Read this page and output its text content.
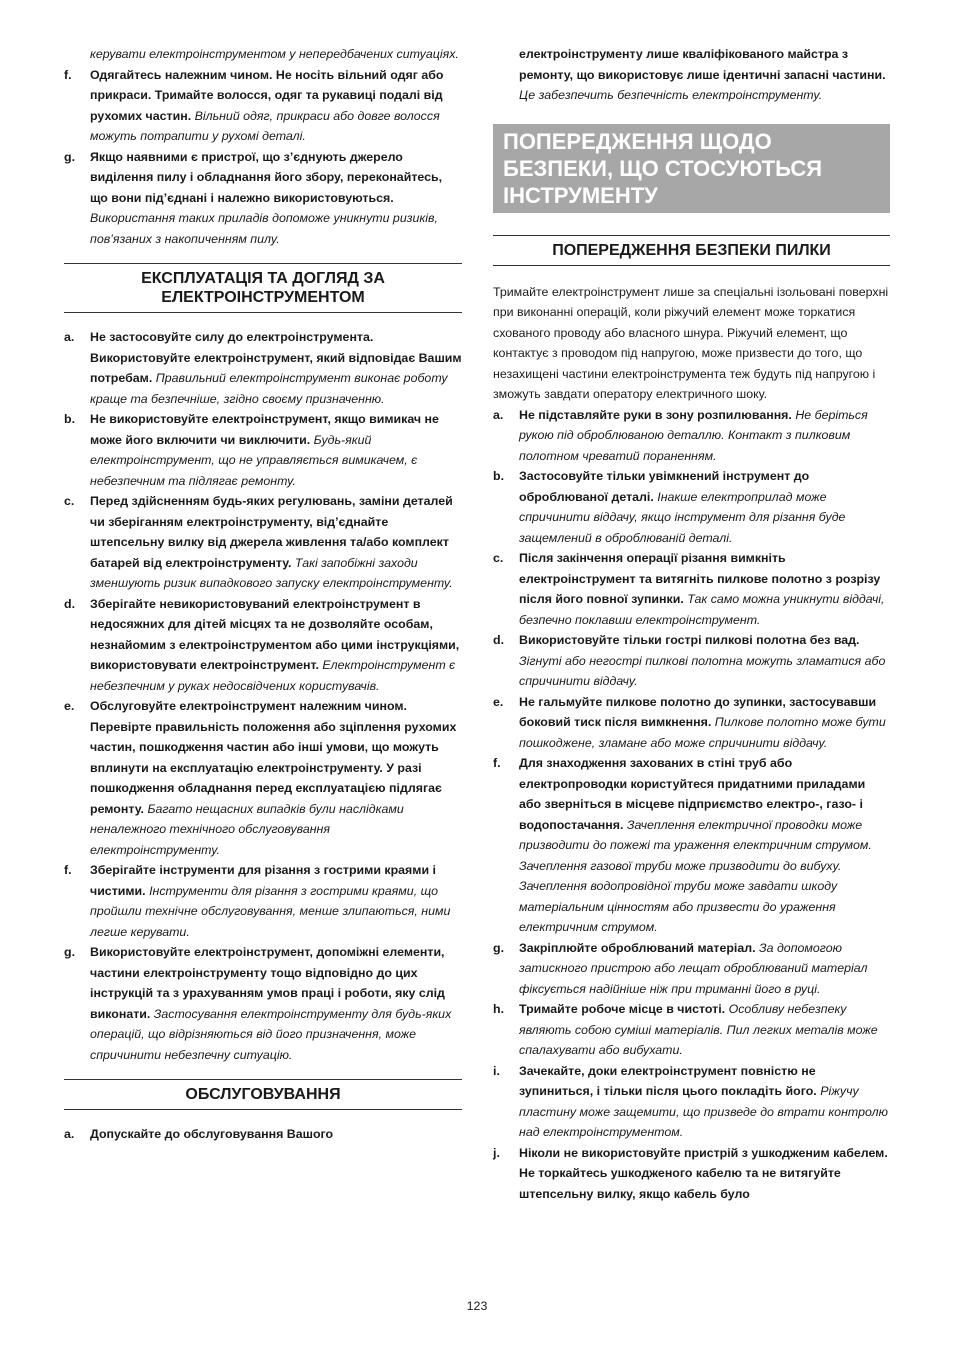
керувати електроінструментом у непередбачених ситуаціях.
f.	Одягайтесь належним чином. Не носіть вільний одяг або прикраси. Тримайте волосся, одяг та рукавиці подалі від рухомих частин. Вільний одяг, прикраси або довге волосся можуть потрапити у рухомі деталі.
g.	Якщо наявними є пристрої, що з’єднують джерело виділення пилу і обладнання його збору, переконайтесь, що вони під’єднані і належно використовуються. Використання таких приладів допоможе уникнути ризиків, пов’язаних з накопиченням пилу.
ЕКСПЛУАТАЦІЯ ТА ДОГЛЯД ЗА ЕЛЕКТРОІНСТРУМЕНТОМ
a.	Не застосовуйте силу до електроінструмента. Використовуйте електроінструмент, який відповідає Вашим потребам. Правильний електроінструмент виконає роботу краще та безпечніше, згідно своєму призначенню.
b.	Не використовуйте електроінструмент, якщо вимикач не може його включити чи виключити. Будь-який електроінструмент, що не управляється вимикачем, є небезпечним та підлягає ремонту.
c.	Перед здійсненням будь-яких регулювань, заміни деталей чи зберіганням електроінструменту, від’єднайте штепсельну вилку від джерела живлення та/або комплект батарей від електроінструменту. Такі запобіжні заходи зменшують ризик випадкового запуску електроінструменту.
d.	Зберігайте невикористовуваний електроінструмент в недосяжних для дітей місцях та не дозволяйте особам, незнайомим з електроінструментом або цими інструкціями, використовувати електроінструмент. Електроінструмент є небезпечним у руках недосвідчених користувачів.
e.	Обслуговуйте електроінструмент належним чином. Перевірте правильність положення або зціплення рухомих частин, пошкодження частин або інші умови, що можуть вплинути на експлуатацію електроінструменту. У разі пошкодження обладнання перед експлуатацією підлягає ремонту. Багато нещасних випадків були наслідками неналежного технічного обслуговування електроінструменту.
f.	Зберігайте інструменти для різання з гострими краями і чистими. Інструменти для різання з гострими краями, що пройшли технічне обслуговування, менше злипаються, ними легше керувати.
g.	Використовуйте електроінструмент, допоміжні елементи, частини електроінструменту тощо відповідно до цих інструкцій та з урахуванням умов праці і роботи, яку слід виконати. Застосування електроінструменту для будь-яких операцій, що відрізняються від його призначення, може спричинити небезпечну ситуацію.
ОБСЛУГОВУВАННЯ
a.	Допускайте до обслуговування Вашого
електроінструменту лише кваліфікованого майстра з ремонту, що використовує лише ідентичні запасні частини. Це забезпечить безпечність електроінструменту.
ПОПЕРЕДЖЕННЯ ЩОДО БЕЗПЕКИ, ЩО СТОСУЮТЬСЯ ІНСТРУМЕНТУ
ПОПЕРЕДЖЕННЯ БЕЗПЕКИ ПИЛКИ
Тримайте електроінструмент лише за спеціальні ізольовані поверхні при виконанні операцій, коли ріжучий елемент може торкатися схованого проводу або власного шнура. Ріжучий елемент, що контактує з проводом під напругою, може призвести до того, що незахищені частини електроінструмента теж будуть під напругою і зможуть завдати оператору електричного шоку.
a.	Не підставляйте руки в зону розпилювання. Не беріться рукою під оброблюваною деталлю. Контакт з пилковим полотном чреватий пораненням.
b.	Застосовуйте тільки увімкнений інструмент до оброблюваної деталі. Інакше електроприлад може спричинити віддачу, якщо інструмент для різання буде защемлений в оброблюваній деталі.
c.	Після закінчення операції різання вимкніть електроінструмент та витягніть пилкове полотно з розрізу після його повної зупинки. Так само можна уникнути віддачі, безпечно поклавши електроінструмент.
d.	Використовуйте тільки гострі пилкові полотна без вад. Зігнуті або негострі пилкові полотна можуть зламатися або спричинити віддачу.
e.	Не гальмуйте пилкове полотно до зупинки, застосувавши боковий тиск після вимкнення. Пилкове полотно може бути пошкоджене, зламане або може спричинити віддачу.
f.	Для знаходження захованих в стіні труб або електропроводки користуйтеся придатними приладами або зверніться в місцеве підприємство електро-, газо- і водопостачання. Зачеплення електричної проводки може призводити до пожежі та ураження електричним струмом. Зачеплення газової труби може призводити до вибуху. Зачеплення водопровідної труби може завдати шкоду матеріальним цінностям або призвести до ураження електричним струмом.
g.	Закріплюйте оброблюваний матеріал. За допомогою затискного пристрою або лещат оброблюваний матеріал фіксується надійніше ніж при триманні його в руці.
h.	Тримайте робоче місце в чистоті. Особливу небезпеку являють собою суміші матеріалів. Пил легких металів може спалахувати або вибухати.
i.	Зачекайте, доки електроінструмент повністю не зупиниться, і тільки після цього покладіть його. Ріжучу пластину може защемити, що призведе до втрати контролю над електроінструментом.
j.	Ніколи не використовуйте пристрій з ушкодженим кабелем. Не торкайтесь ушкодженого кабелю та не витягуйте штепсельну вилку, якщо кабель було
123
